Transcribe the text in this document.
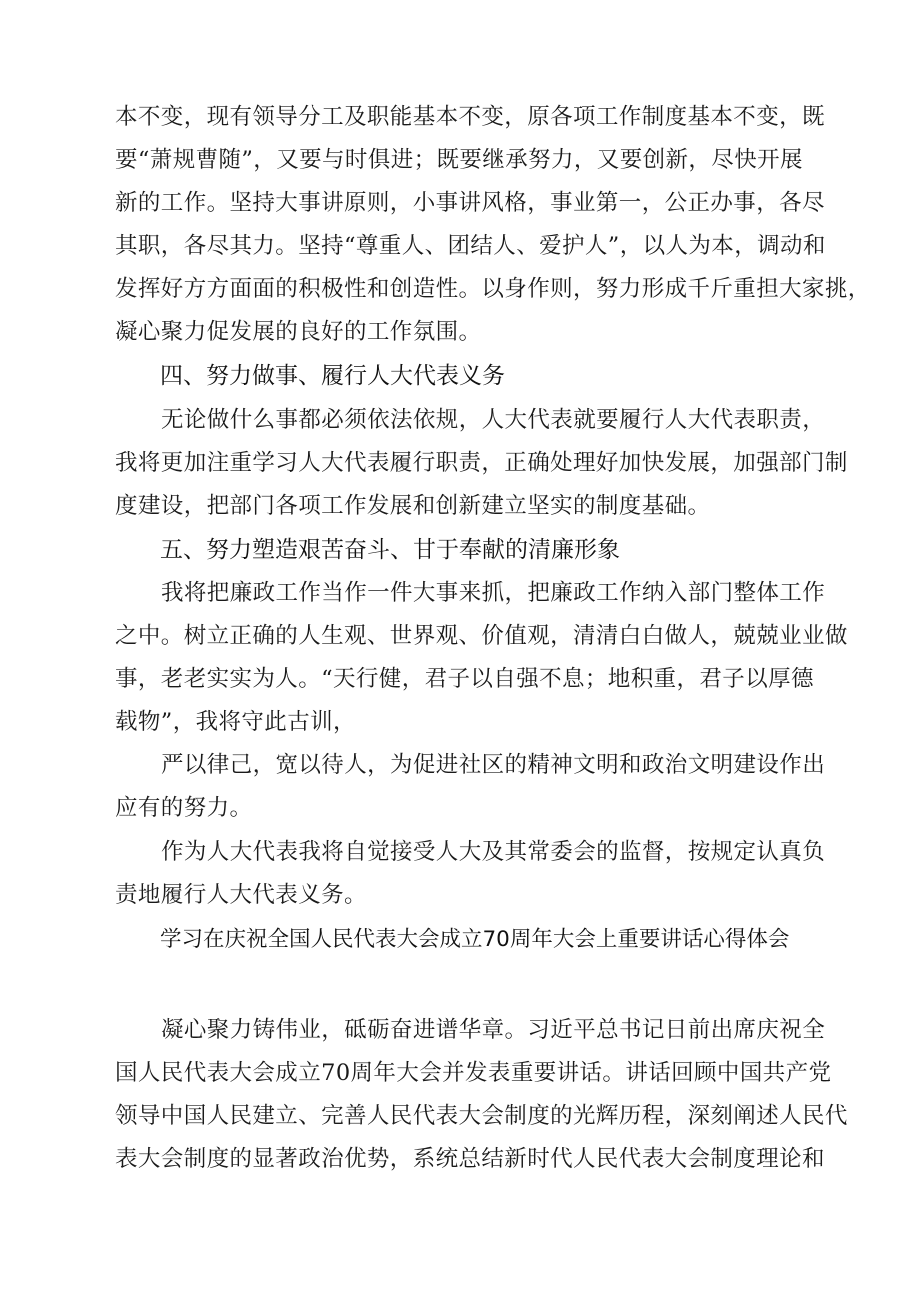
本不变，现有领导分工及职能基本不变，原各项工作制度基本不变，既
要“萧规曹随”，又要与时俱进；既要继承努力，又要创新，尽快开展
新的工作。坚持大事讲原则，小事讲风格，事业第一，公正办事，各尽
其职，各尽其力。坚持“尊重人、团结人、爱护人”，以人为本，调动和
发挥好方方面面的积极性和创造性。以身作则，努力形成千斤重担大家挑，
凝心聚力促发展的良好的工作氛围。
四、努力做事、履行人大代表义务
无论做什么事都必须依法依规，人大代表就要履行人大代表职责，
我将更加注重学习人大代表履行职责，正确处理好加快发展，加强部门制
度建设，把部门各项工作发展和创新建立坚实的制度基础。
五、努力塑造艰苦奋斗、甘于奉献的清廉形象
我将把廉政工作当作一件大事来抓，把廉政工作纳入部门整体工作
之中。树立正确的人生观、世界观、价值观，清清白白做人，兢兢业业做
事，老老实实为人。“天行健，君子以自强不息；地积重，君子以厚德
载物”，我将守此古训，
严以律己，宽以待人，为促进社区的精神文明和政治文明建设作出
应有的努力。
作为人大代表我将自觉接受人大及其常委会的监督，按规定认真负
责地履行人大代表义务。
学习在庆祝全国人民代表大会成立70周年大会上重要讲话心得体会
凝心聚力铸伟业，砥砺奋进谱华章。习近平总书记日前出席庆祝全
国人民代表大会成立70周年大会并发表重要讲话。讲话回顾中国共产党
领导中国人民建立、完善人民代表大会制度的光辉历程，深刻阐述人民代
表大会制度的显著政治优势，系统总结新时代人民代表大会制度理论和
